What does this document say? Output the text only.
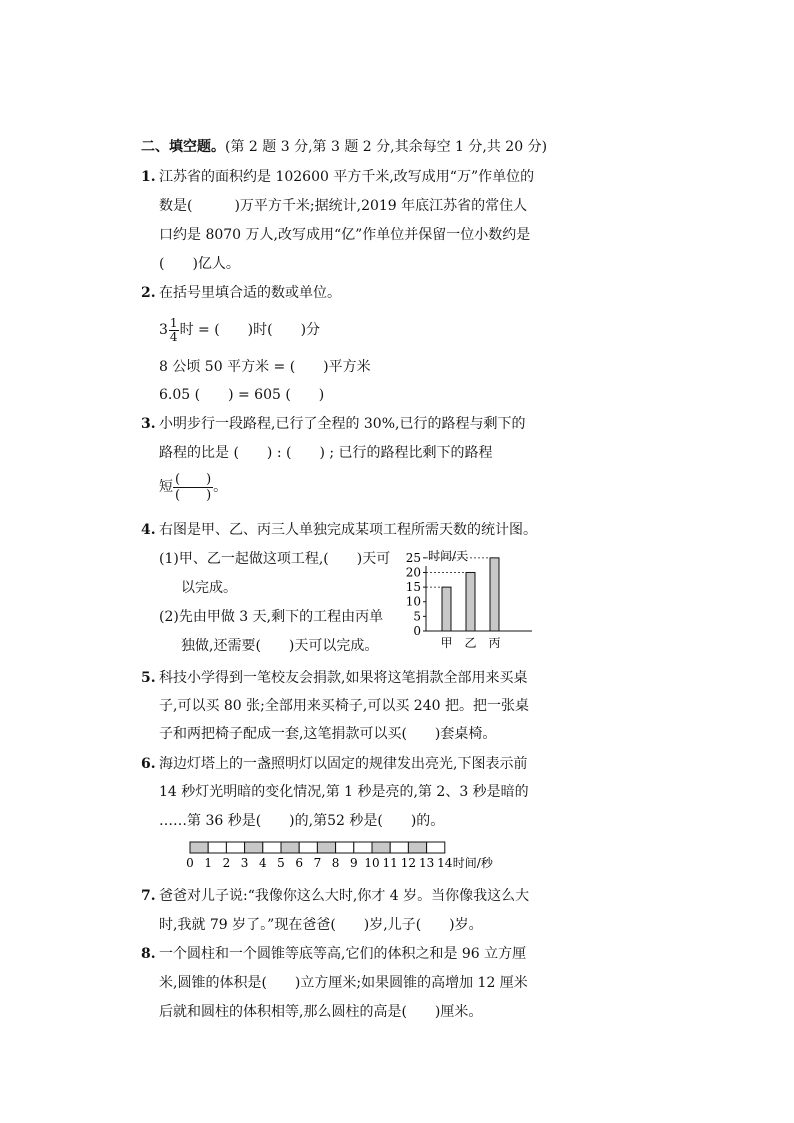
二、填空题。(第 2 题 3 分,第 3 题 2 分,其余每空 1 分,共 20 分)
1. 江苏省的面积约是 102600 平方千米,改写成用“万”作单位的
数是(　　　)万平方千米;据统计,2019 年底江苏省的常住人
口约是 8070 万人,改写成用“亿”作单位并保留一位小数约是
(　　)亿人。
2. 在括号里填合适的数或单位。
$3 \frac{1}{4}$ 时 = (　　)时(　　)分
8 公顷 50 平方米 = (　　)平方米
6.05 (　　) = 605 (　　)
3. 小明步行一段路程,已行了全程的 30%,已行的路程与剩下的
路程的比是 (　　) : (　　) ; 已行的路程比剩下的路程
短 (　　)
(　　) 。
4. 右图是甲、乙、丙三人单独完成某项工程所需天数的统计图。
(1)甲、乙一起做这项工程,(　　)天可
以完成。
(2)先由甲做 3 天,剩下的工程由丙单
独做,还需要(　　)天可以完成。
时间/天
0
5
10
15
20
25
甲 乙 丙
5. 科技小学得到一笔校友会捐款,如果将这笔捐款全部用来买桌
子,可以买 80 张;全部用来买椅子,可以买 240 把。把一张桌
子和两把椅子配成一套,这笔捐款可以买(　　)套桌椅。
6. 海边灯塔上的一盏照明灯以固定的规律发出亮光,下图表示前
14 秒灯光明暗的变化情况,第 1 秒是亮的,第 2、3 秒是暗的
……第 36 秒是(　　)的,第52 秒是(　　)的。
0 1 2 3 4 5 6 7 8 9 10 11 12 13 14 时间/秒
7. 爸爸对儿子说:“我像你这么大时,你才 4 岁。当你像我这么大
时,我就 79 岁了。”现在爸爸(　　)岁,儿子(　　)岁。
8. 一个圆柱和一个圆锥等底等高,它们的体积之和是 96 立方厘
米,圆锥的体积是(　　)立方厘米;如果圆锥的高增加 12 厘米
后就和圆柱的体积相等,那么圆柱的高是(　　)厘米。
